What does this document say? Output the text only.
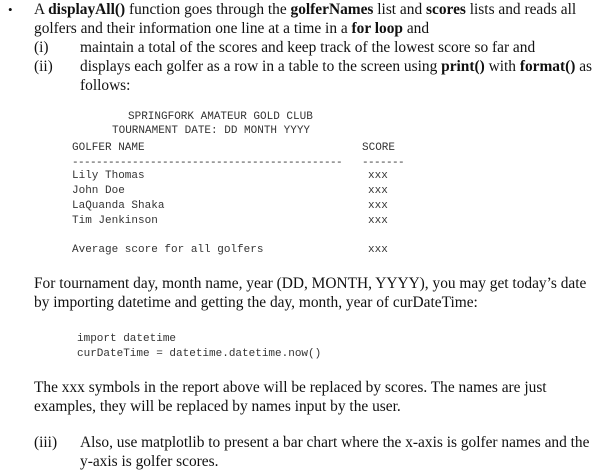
• A displayAll() function goes through the golferNames list and scores lists and reads all golfers and their information one line at a time in a for loop and
(i) maintain a total of the scores and keep track of the lowest score so far and
(ii) displays each golfer as a row in a table to the screen using print() with format() as follows:
SPRINGFORK AMATEUR GOLD CLUB
TOURNAMENT DATE: DD MONTH YYYY
GOLFER NAME	SCORE
--------------------------------------------- -------
Lily Thomas	xxx
John Doe	xxx
LaQuanda Shaka	xxx
Tim Jenkinson	xxx
Average score for all golfers	xxx
For tournament day, month name, year (DD, MONTH, YYYY), you may get today’s date by importing datetime and getting the day, month, year of curDateTime:
import datetime
curDateTime = datetime.datetime.now()
The xxx symbols in the report above will be replaced by scores. The names are just examples, they will be replaced by names input by the user.
(iii) Also, use matplotlib to present a bar chart where the x-axis is golfer names and the y-axis is golfer scores.
